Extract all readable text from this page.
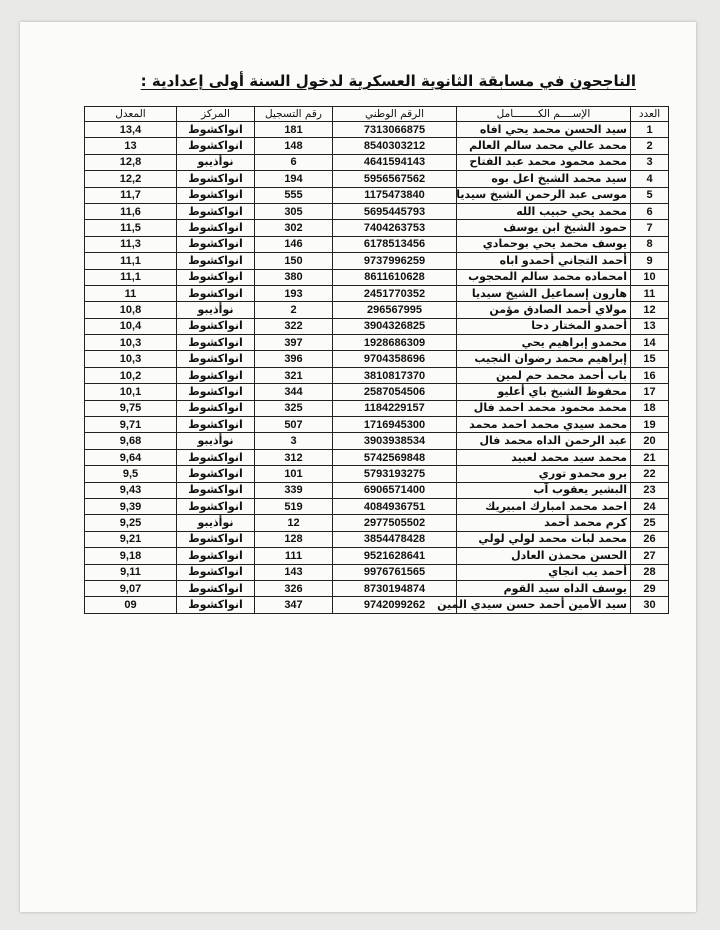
الناجحون في مسابقة الثانوية العسكرية لدخول السنة أولى إعدادية :
العدد	الإســــم الكــــــــامل	الرقم الوطني	رقم التسجيل	المركز	المعدل
1	سيد الحسن محمد يحي افاه	7313066875	181	انواكشوط	13,4
2	محمد عالي محمد سالم العالم	8540303212	148	انواكشوط	13
3	محمد محمود محمد عبد الفتاح	4641594143	6	نوأذيبو	12,8
4	سيد محمد الشيخ اعل بوه	5956567562	194	انواكشوط	12,2
5	موسى عبد الرحمن الشيخ سيديا	1175473840	555	انواكشوط	11,7
6	محمد يحي حبيب الله	5695445793	305	انواكشوط	11,6
7	حمود الشيخ ابن يوسف	7404263753	302	انواكشوط	11,5
8	يوسف محمد يحي بوحمادي	6178513456	146	انواكشوط	11,3
9	أحمد التجاني أحمدو اباه	9737996259	150	انواكشوط	11,1
10	امحماده محمد سالم المحجوب	8611610628	380	انواكشوط	11,1
11	هارون إسماعيل الشيخ سيديا	2451770352	193	انواكشوط	11
12	مولاي أحمد الصادق مؤمن	296567995	2	نوأذيبو	10,8
13	أحمدو المختار دحا	3904326825	322	انواكشوط	10,4
14	محمدو إبراهيم يحي	1928686309	397	انواكشوط	10,3
15	إبراهيم محمد رضوان النجيب	9704358696	396	انواكشوط	10,3
16	باب أحمد محمد حم لمين	3810817370	321	انواكشوط	10,2
17	محفوظ الشيخ باي أعليو	2587054506	344	انواكشوط	10,1
18	محمد محمود محمد احمد فال	1184229157	325	انواكشوط	9,75
19	محمد سيدي محمد احمد محمد	1716945300	507	انواكشوط	9,71
20	عبد الرحمن الداه محمد فال	3903938534	3	نوأذيبو	9,68
21	محمد سيد محمد لعبيد	5742569848	312	انواكشوط	9,64
22	برو محمدو توري	5793193275	101	انواكشوط	9,5
23	البشير يعقوب آب	6906571400	339	انواكشوط	9,43
24	احمد محمد امبارك امبيريك	4084936751	519	انواكشوط	9,39
25	كرم محمد أحمد	2977505502	12	نوأذيبو	9,25
26	محمد لبات محمد لولي لولي	3854478428	128	انواكشوط	9,21
27	الحسن محمذن العادل	9521628641	111	انواكشوط	9,18
28	أحمد يب انجاي	9976761565	143	انواكشوط	9,11
29	يوسف الداه سيد القوم	8730194874	326	انواكشوط	9,07
30	سيد الأمين أحمد حسن سيدي المين	9742099262	347	انواكشوط	09
